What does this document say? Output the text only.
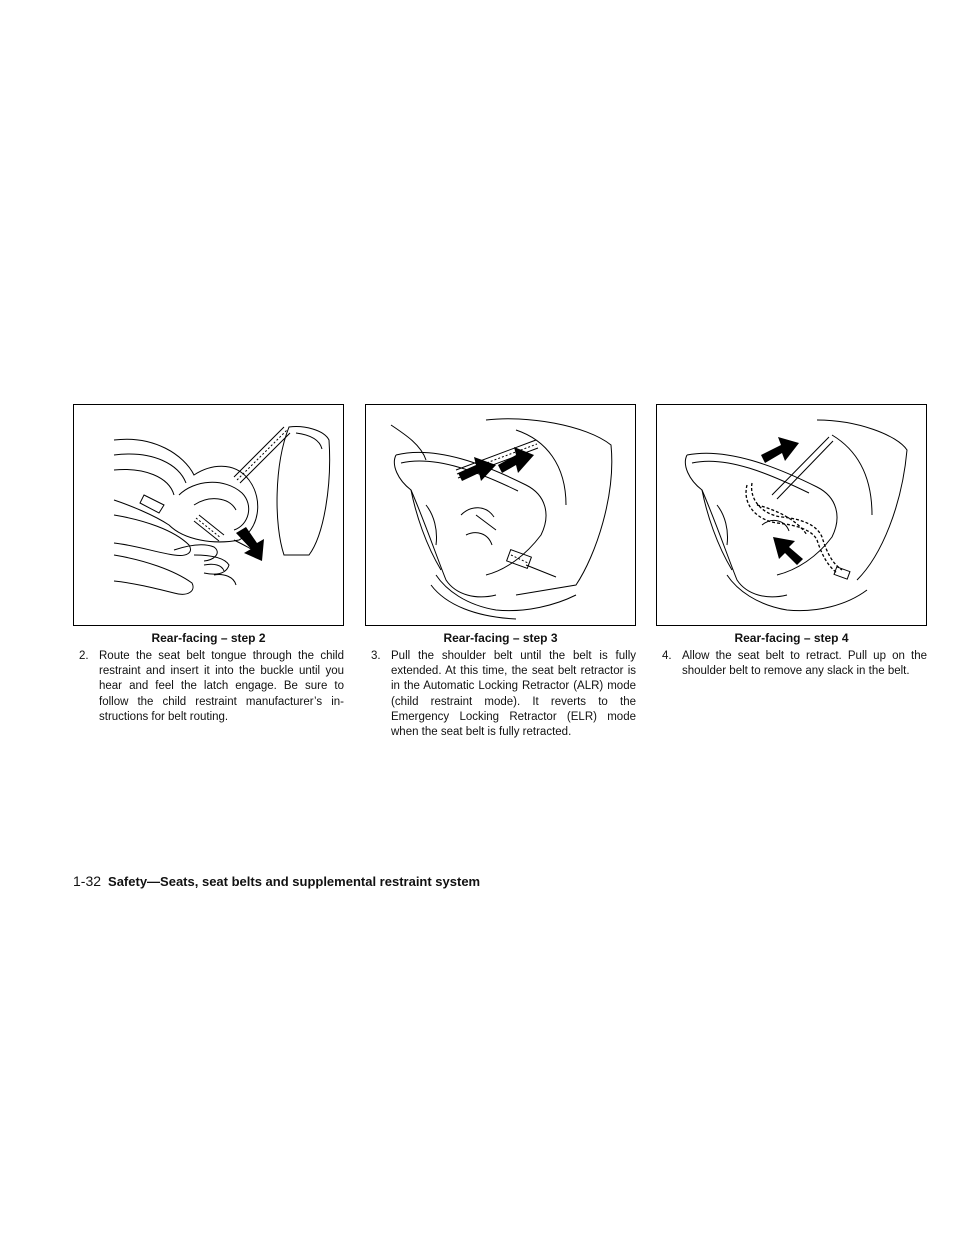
Rear-facing – step 2
2. Route the seat belt tongue through the child restraint and insert it into the buckle until you hear and feel the latch engage. Be sure to follow the child restraint manufacturer’s in- structions for belt routing.
Rear-facing – step 3
3. Pull the shoulder belt until the belt is fully extended. At this time, the seat belt retractor is in the Automatic Locking Retractor (ALR) mode (child restraint mode). It reverts to the Emergency Locking Retractor (ELR) mode when the seat belt is fully retracted.
Rear-facing – step 4
4. Allow the seat belt to retract. Pull up on the shoulder belt to remove any slack in the belt.
1-32 Safety—Seats, seat belts and supplemental restraint system
